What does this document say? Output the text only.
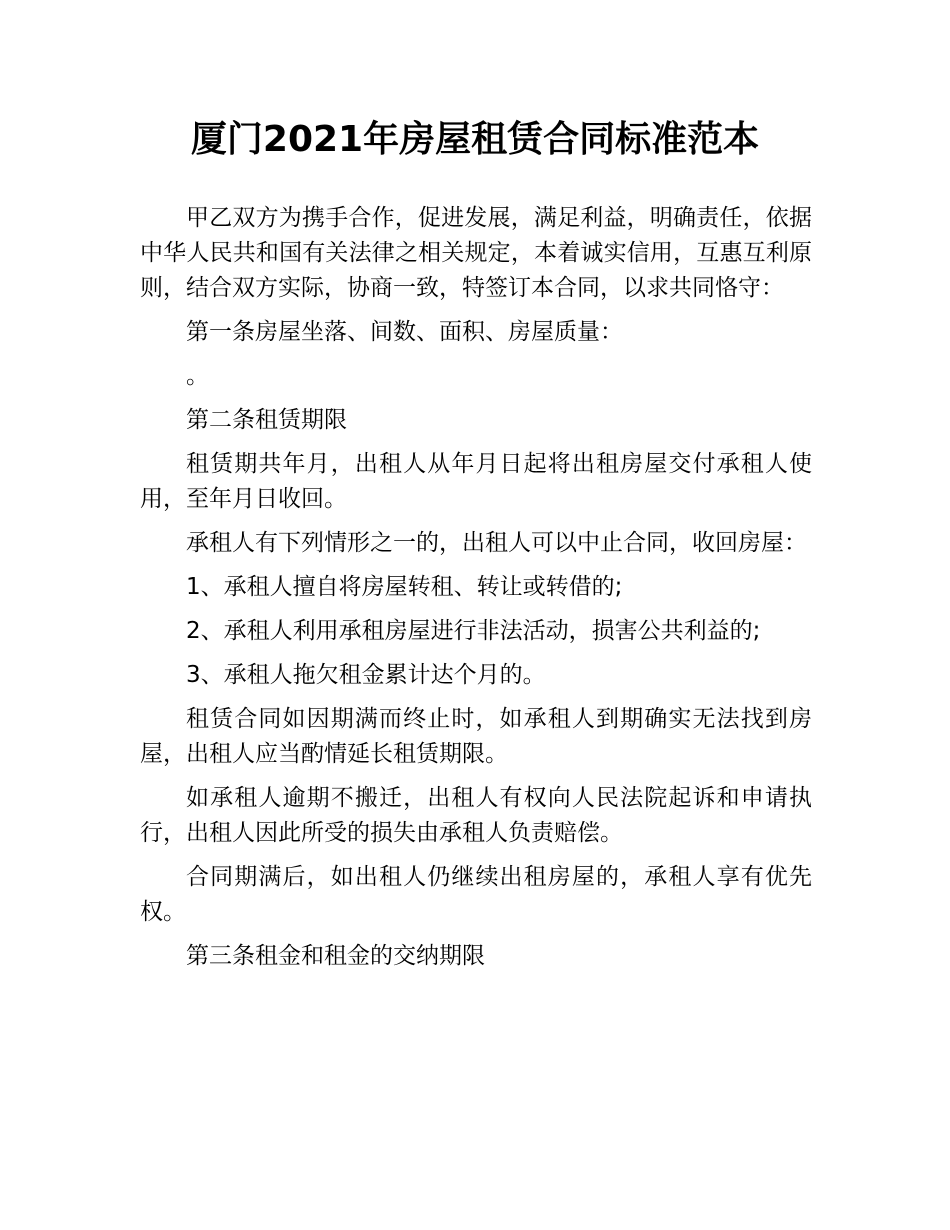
厦门2021年房屋租赁合同标准范本

甲乙双方为携手合作，促进发展，满足利益，明确责任，依据中华人民共和国有关法律之相关规定，本着诚实信用，互惠互利原则，结合双方实际，协商一致，特签订本合同，以求共同恪守：

第一条房屋坐落、间数、面积、房屋质量：

。

第二条租赁期限

租赁期共年月，出租人从年月日起将出租房屋交付承租人使用，至年月日收回。

承租人有下列情形之一的，出租人可以中止合同，收回房屋：

1、承租人擅自将房屋转租、转让或转借的;

2、承租人利用承租房屋进行非法活动，损害公共利益的;

3、承租人拖欠租金累计达个月的。

租赁合同如因期满而终止时，如承租人到期确实无法找到房屋，出租人应当酌情延长租赁期限。

如承租人逾期不搬迁，出租人有权向人民法院起诉和申请执行，出租人因此所受的损失由承租人负责赔偿。

合同期满后，如出租人仍继续出租房屋的，承租人享有优先权。

第三条租金和租金的交纳期限
